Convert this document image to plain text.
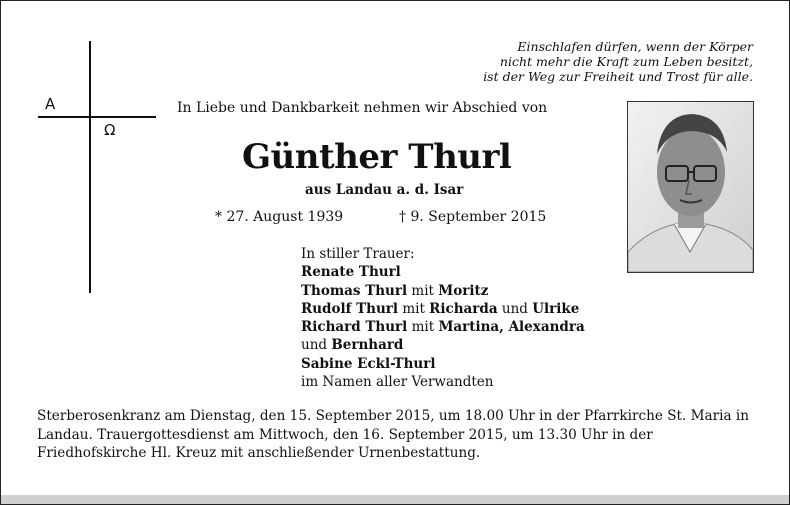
Einschlafen dürfen, wenn der Körper
nicht mehr die Kraft zum Leben besitzt,
ist der Weg zur Freiheit und Trost für alle.
A
Ω
In Liebe und Dankbarkeit nehmen wir Abschied von
Günther Thurl
aus Landau a. d. Isar
* 27. August 1939	† 9. September 2015
In stiller Trauer:
Renate Thurl
Thomas Thurl mit Moritz
Rudolf Thurl mit Richarda und Ulrike
Richard Thurl mit Martina, Alexandra
und Bernhard
Sabine Eckl-Thurl
im Namen aller Verwandten
Sterberosenkranz am Dienstag, den 15. September 2015, um 18.00 Uhr in der Pfarrkirche St. Maria in Landau. Trauergottesdienst am Mittwoch, den 16. September 2015, um 13.30 Uhr in der Friedhofskirche Hl. Kreuz mit anschließender Urnenbestattung.
